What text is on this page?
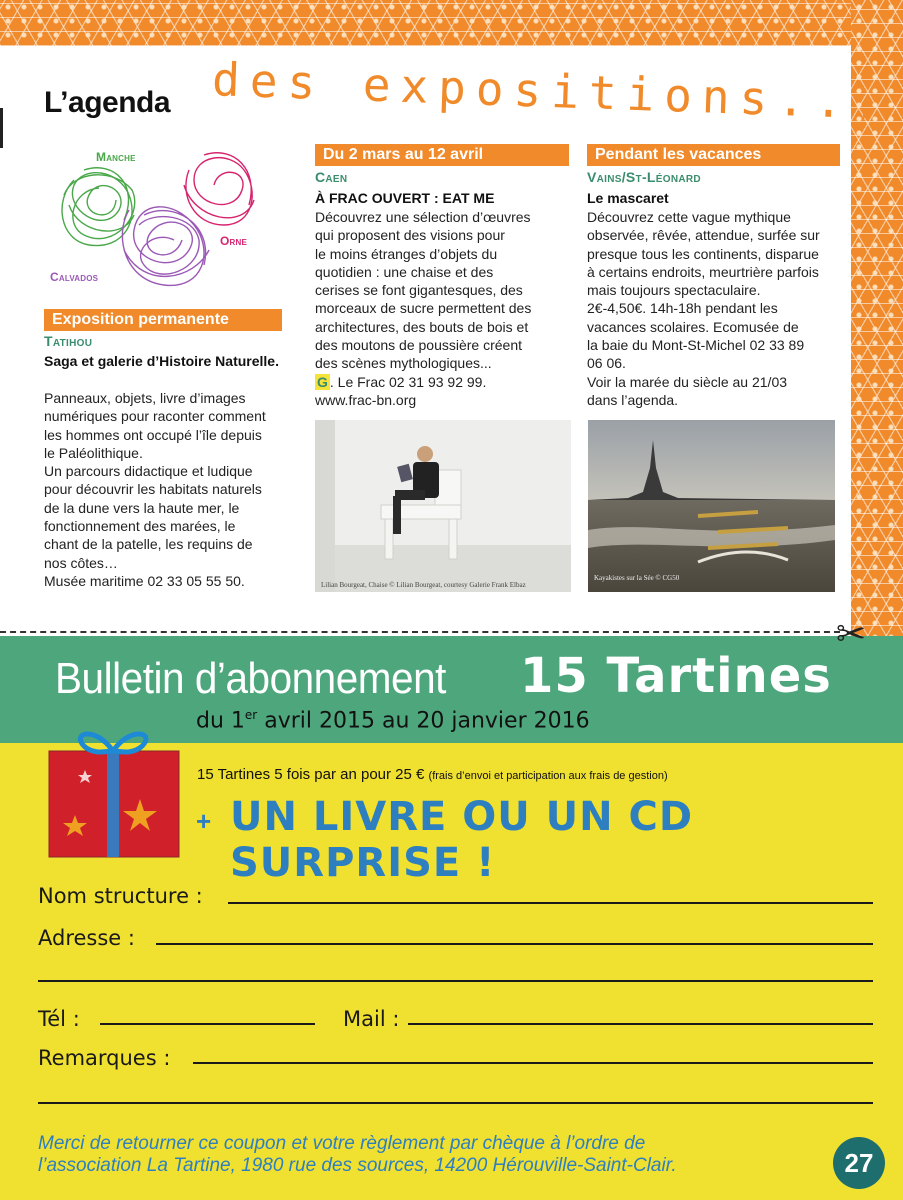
L’agenda des expositions...
Manche
Orne
Calvados
Exposition permanente
Tatihou
Saga et galerie d’Histoire Naturelle.

Panneaux, objets, livre d’images

numériques pour raconter comment

les hommes ont occupé l’île depuis

le Paléolithique.

Un parcours didactique et ludique

pour découvrir les habitats naturels

de la dune vers la haute mer, le

fonctionnement des marées, le

chant de la patelle, les requins de

nos côtes…

Musée maritime 02 33 05 55 50.

Du 2 mars au 12 avril
Caen
À FRAC OUVERT : EAT ME

Découvrez une sélection d’œuvres

qui proposent des visions pour

le moins étranges d’objets du

quotidien : une chaise et des

cerises se font gigantesques, des

morceaux de sucre permettent des

architectures, des bouts de bois et

des moutons de poussière créent

des scènes mythologiques...

G . Le Frac 02 31 93 92 99.

www.frac-bn.org

Lilian Bourgeat, Chaise © Lilian Bourgeat, courtesy Galerie Frank Elbaz
Pendant les vacances
Vains/St-Léonard
Le mascaret

Découvrez cette vague mythique

observée, rêvée, attendue, surfée sur

presque tous les continents, disparue

à certains endroits, meurtrière parfois

mais toujours spectaculaire.

2€-4,50€. 14h-18h pendant les

vacances scolaires. Ecomusée de

la baie du Mont-St-Michel 02 33 89

06 06.

Voir la marée du siècle au 21/03

dans l’agenda.

Kayakistes sur la Sée © CG50
✂
Bulletin d’abonnement 15 Tartines
du 1er avril 2015 au 20 janvier 2016
15 Tartines 5 fois par an pour 25 € (frais d’envoi et participation aux frais de gestion)
+ UN LIVRE OU UN CD SURPRISE !
Nom structure :
Adresse :
Tél :	Mail :
Remarques :
Merci de retourner ce coupon et votre règlement par chèque à l’ordre de
l’association La Tartine, 1980 rue des sources, 14200 Hérouville-Saint-Clair.	27
